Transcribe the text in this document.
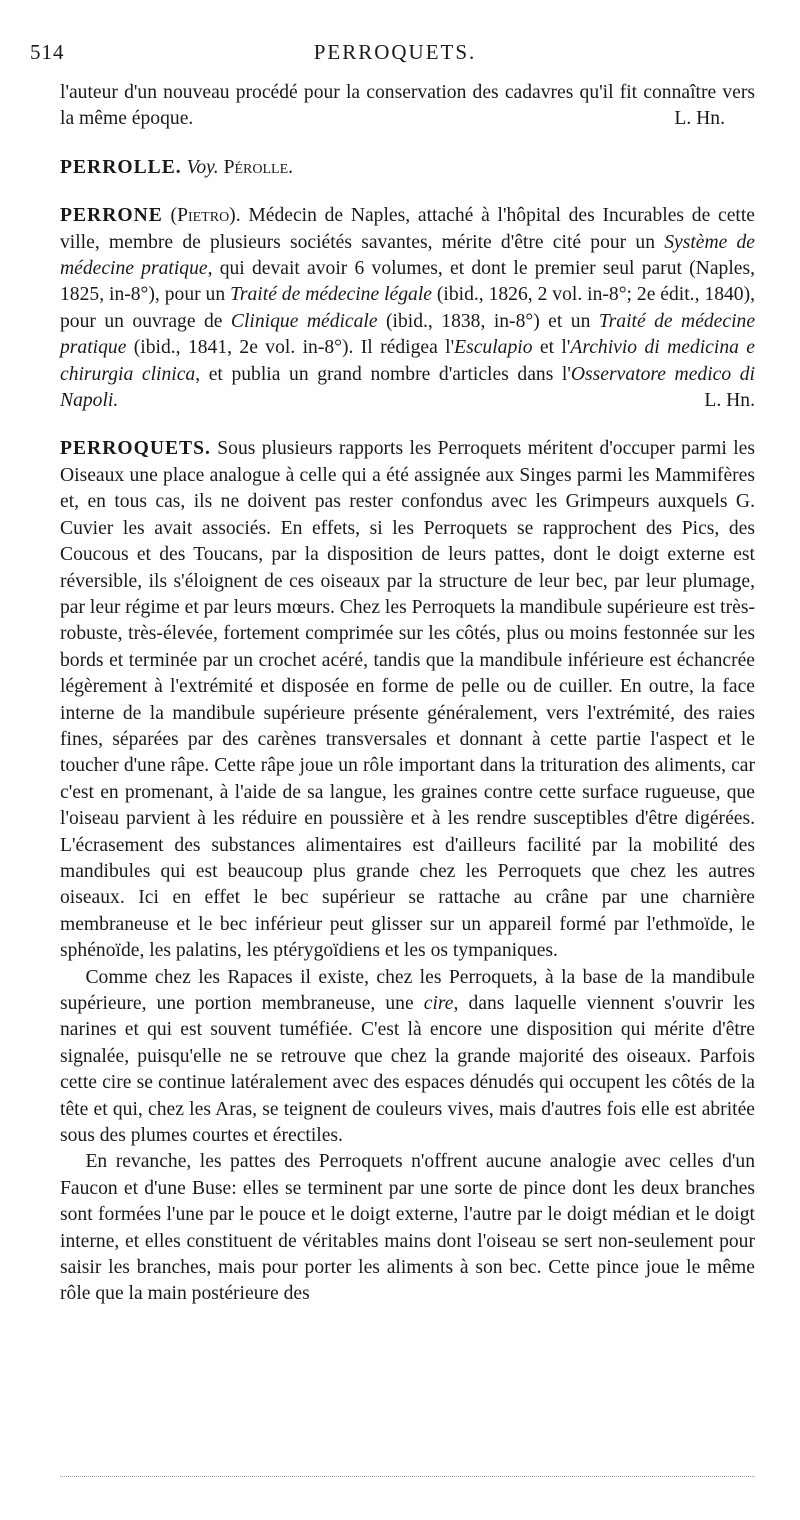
514	PERROQUETS.

l'auteur d'un nouveau procédé pour la conservation des cadavres qu'il fit connaître vers la même époque.	L. Hn.

PERROLLE. Voy. Pérolle.

PERRONE (Pietro). Médecin de Naples, attaché à l'hôpital des Incurables de cette ville, membre de plusieurs sociétés savantes, mérite d'être cité pour un Système de médecine pratique, qui devait avoir 6 volumes, et dont le premier seul parut (Naples, 1825, in-8°), pour un Traité de médecine légale (ibid., 1826, 2 vol. in-8°; 2e édit., 1840), pour un ouvrage de Clinique médicale (ibid., 1838, in-8°) et un Traité de médecine pratique (ibid., 1841, 2e vol. in-8°). Il rédigea l'Esculapio et l'Archivio di medicina e chirurgia clinica, et publia un grand nombre d'articles dans l'Osservatore medico di Napoli.	L. Hn.

PERROQUETS. Sous plusieurs rapports les Perroquets méritent d'occuper parmi les Oiseaux une place analogue à celle qui a été assignée aux Singes parmi les Mammifères et, en tous cas, ils ne doivent pas rester confondus avec les Grimpeurs auxquels G. Cuvier les avait associés. En effets, si les Perroquets se rapprochent des Pics, des Coucous et des Toucans, par la disposition de leurs pattes, dont le doigt externe est réversible, ils s'éloignent de ces oiseaux par la structure de leur bec, par leur plumage, par leur régime et par leurs mœurs. Chez les Perroquets la mandibule supérieure est très-robuste, très-élevée, fortement comprimée sur les côtés, plus ou moins festonnée sur les bords et terminée par un crochet acéré, tandis que la mandibule inférieure est échancrée légèrement à l'extrémité et disposée en forme de pelle ou de cuiller. En outre, la face interne de la mandibule supérieure présente généralement, vers l'extrémité, des raies fines, séparées par des carènes transversales et donnant à cette partie l'aspect et le toucher d'une râpe. Cette râpe joue un rôle important dans la trituration des aliments, car c'est en promenant, à l'aide de sa langue, les graines contre cette surface rugueuse, que l'oiseau parvient à les réduire en poussière et à les rendre susceptibles d'être digérées. L'écrasement des substances alimentaires est d'ailleurs facilité par la mobilité des mandibules qui est beaucoup plus grande chez les Perroquets que chez les autres oiseaux. Ici en effet le bec supérieur se rattache au crâne par une charnière membraneuse et le bec inférieur peut glisser sur un appareil formé par l'ethmoïde, le sphénoïde, les palatins, les ptérygoïdiens et les os tympaniques.

Comme chez les Rapaces il existe, chez les Perroquets, à la base de la mandibule supérieure, une portion membraneuse, une cire, dans laquelle viennent s'ouvrir les narines et qui est souvent tuméfiée. C'est là encore une disposition qui mérite d'être signalée, puisqu'elle ne se retrouve que chez la grande majorité des oiseaux. Parfois cette cire se continue latéralement avec des espaces dénudés qui occupent les côtés de la tête et qui, chez les Aras, se teignent de couleurs vives, mais d'autres fois elle est abritée sous des plumes courtes et érectiles.

En revanche, les pattes des Perroquets n'offrent aucune analogie avec celles d'un Faucon et d'une Buse: elles se terminent par une sorte de pince dont les deux branches sont formées l'une par le pouce et le doigt externe, l'autre par le doigt médian et le doigt interne, et elles constituent de véritables mains dont l'oiseau se sert non-seulement pour saisir les branches, mais pour porter les aliments à son bec. Cette pince joue le même rôle que la main postérieure des
